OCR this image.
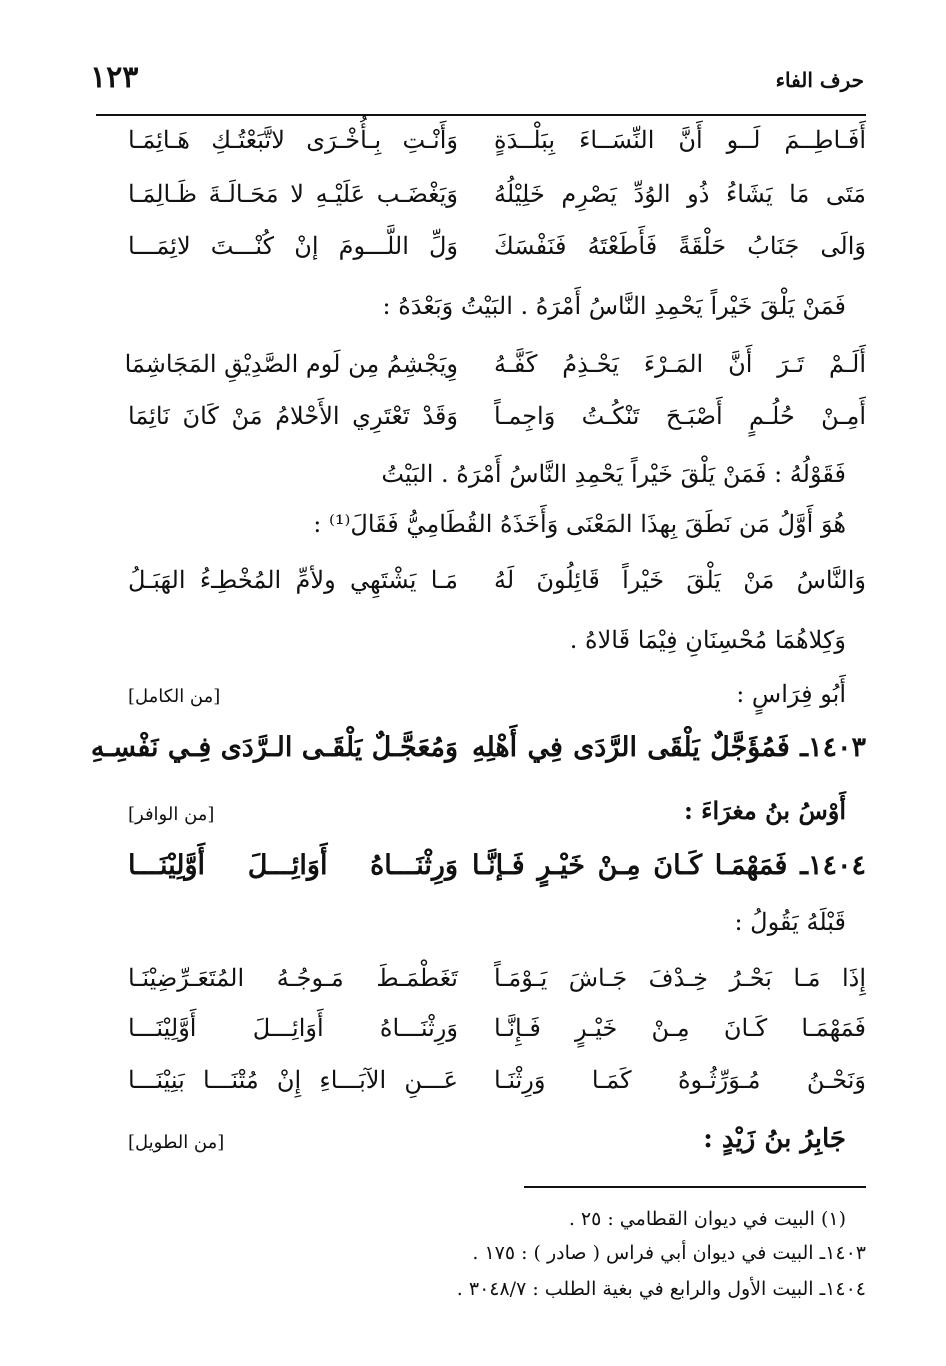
١٢٣	حرف الفاء
أَفَـاطِــمَ لَــو أَنَّ النِّسَــاءَ بِبَلْــدَةٍ
وَأَنْـتِ بِـأُخْـرَى لاتَّبَعْتُـكِ هَـائِمَـا
مَتَى مَا يَشَاءُ ذُو الوُدِّ يَصْرِم خَلِيْلُهُ
وَيَغْضَـب عَلَيْـهِ لا مَحَـالَـةَ ظَـالِمَـا
وَالَى جَنَابُ حَلْقَةً فَأَطَعْتَهُ فَنَفْسَكَ
وَلِّ اللَّـــومَ إنْ كُنْـــتَ لائِمَـــا
فَمَنْ يَلْقَ خَيْراً يَحْمِدِ النَّاسُ أَمْرَهُ . البَيْتُ وَبَعْدَهُ :
أَلَـمْ تَـرَ أَنَّ المَـرْءَ يَحْـذِمُ كَفَّـهُ
وِيَجْشِمُ مِن لَوم الصَّدِيْقِ المَجَاشِمَا
أَمِـنْ حُلُـمٍ أَصْبَـحَ تَنْكُـتُ وَاجِمـاً
وَقَدْ تَعْتَرِي الأَحْلامُ مَنْ كَانَ نَائِمَا
فَقَوْلُهُ : فَمَنْ يَلْقَ خَيْراً يَحْمِدِ النَّاسُ أَمْرَهُ . البَيْتُ
هُوَ أَوَّلُ مَن نَطَقَ بِهذَا المَعْنَى وَأَخَذَهُ القُطَامِيُّ فَقَالَ⁽¹⁾ :
وَالنَّاسُ مَنْ يَلْقَ خَيْراً قَائِلُونَ لَهُ
مَـا يَشْتَهِي ولأمِّ المُخْطِـءُ الهَبَـلُ
وَكِلاهُمَا مُحْسِنَانِ فِيْمَا قَالاهُ .
أَبُو فِرَاسٍ :
[من الكامل]
١٤٠٣ـ فَمُؤَجَّلٌ يَلْقَى الرَّدَى فِي أَهْلِهِ
وَمُعَجَّـلٌ يَلْقَـى الـرَّدَى فِـي نَفْسِـهِ
أَوْسُ بنُ مغرَاءَ :
[من الوافر]
١٤٠٤ـ فَمَهْمَـا كَـانَ مِـنْ خَيْـرٍ فَـإنَّـا
وَرِثْنَـــاهُ أَوَائِـــلَ أَوَّلِيْنَـــا
قَبْلَهُ يَقُولُ :
إِذَا مَـا بَحْـرُ خِـدْفَ جَـاشَ يَـوْمَـاً
تَغَطْمَـطَ مَـوجُـهُ المُتَعَـرِّضِيْنَـا
فَمَهْمَـا كَـانَ مِـنْ خَيْـرٍ فَـإِنَّـا
وَرِثْنَـــاهُ أَوَائِـــلَ أَوَّلِيْنَـــا
وَنَحْـنُ مُـوَرِّثُـوهُ كَمَـا وَرِثْنَـا
عَـــنِ الآبَـــاءِ إِنْ مُتْنَـــا بَنِيْنَـــا
جَابِرُ بنُ زَيْدٍ :
[من الطويل]
(١) البيت في ديوان القطامي : ٢٥ .
١٤٠٣ـ البيت في ديوان أبي فراس ( صادر ) : ١٧٥ .
١٤٠٤ـ البيت الأول والرابع في بغية الطلب : ٣٠٤٨/٧ .
